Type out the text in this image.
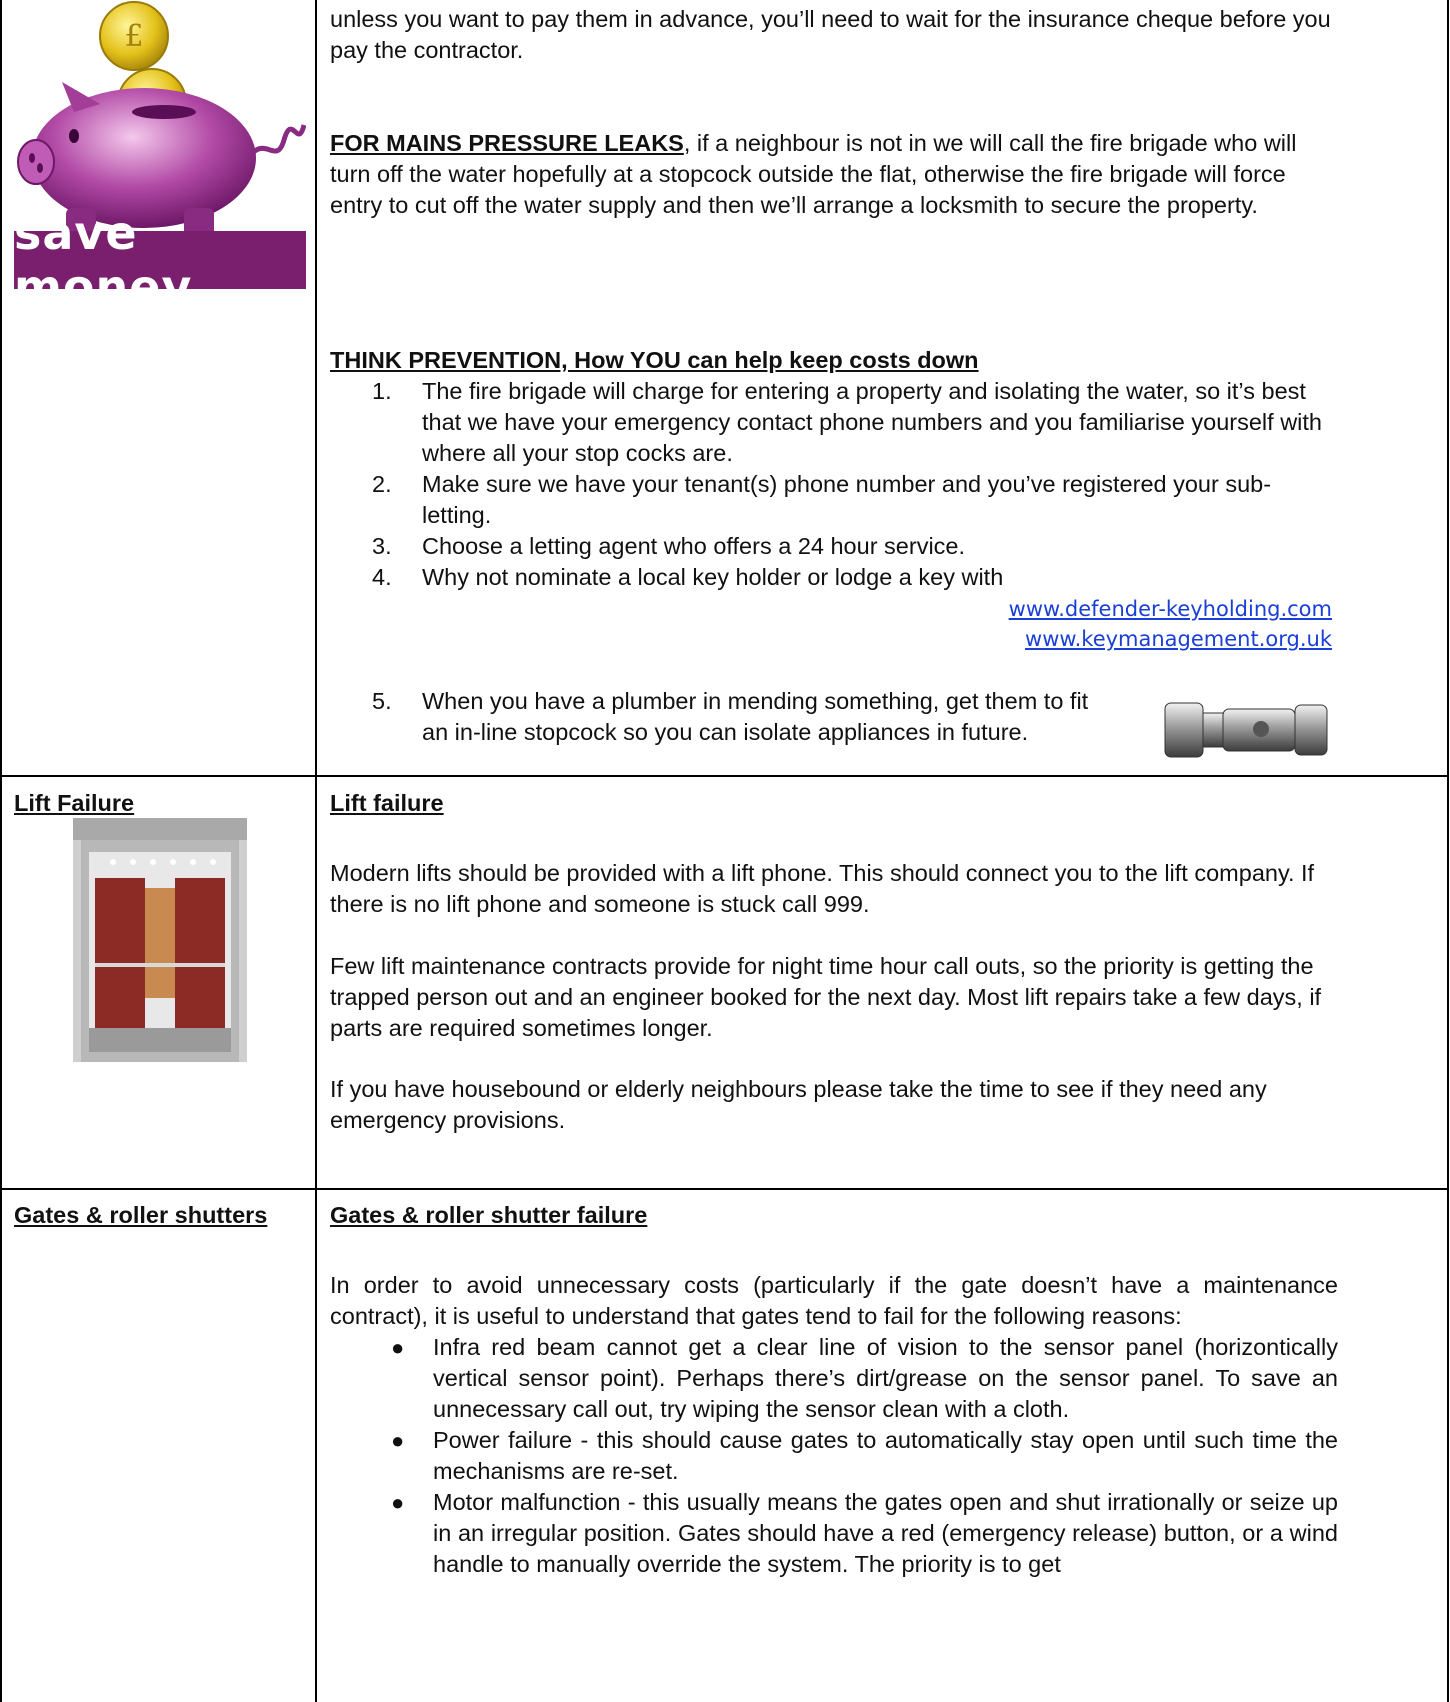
£
save money
unless you want to pay them in advance, you’ll need to wait for the insurance cheque before you pay the contractor.
FOR MAINS PRESSURE LEAKS, if a neighbour is not in we will call the fire brigade who will turn off the water hopefully at a stopcock outside the flat, otherwise the fire brigade will force entry to cut off the water supply and then we’ll arrange a locksmith to secure the property.
THINK PREVENTION, How YOU can help keep costs down
1. The fire brigade will charge for entering a property and isolating the water, so it’s best that we have your emergency contact phone numbers and you familiarise yourself with where all your stop cocks are.
2. Make sure we have your tenant(s) phone number and you’ve registered your sub-letting.
3. Choose a letting agent who offers a 24 hour service.
4. Why not nominate a local key holder or lodge a key with
www.defender-keyholding.com
www.keymanagement.org.uk
5. When you have a plumber in mending something, get them to fit an in-line stopcock so you can isolate appliances in future.
Lift Failure	Lift failure
Modern lifts should be provided with a lift phone. This should connect you to the lift company. If there is no lift phone and someone is stuck call 999.
Few lift maintenance contracts provide for night time hour call outs, so the priority is getting the trapped person out and an engineer booked for the next day. Most lift repairs take a few days, if parts are required sometimes longer.
If you have housebound or elderly neighbours please take the time to see if they need any emergency provisions.
Gates & roller shutters	Gates & roller shutter failure
In order to avoid unnecessary costs (particularly if the gate doesn’t have a maintenance contract), it is useful to understand that gates tend to fail for the following reasons:
● Infra red beam cannot get a clear line of vision to the sensor panel (horizontically vertical sensor point). Perhaps there’s dirt/grease on the sensor panel. To save an unnecessary call out, try wiping the sensor clean with a cloth.
● Power failure - this should cause gates to automatically stay open until such time the mechanisms are re-set.
● Motor malfunction - this usually means the gates open and shut irrationally or seize up in an irregular position. Gates should have a red (emergency release) button, or a wind handle to manually override the system. The priority is to get
